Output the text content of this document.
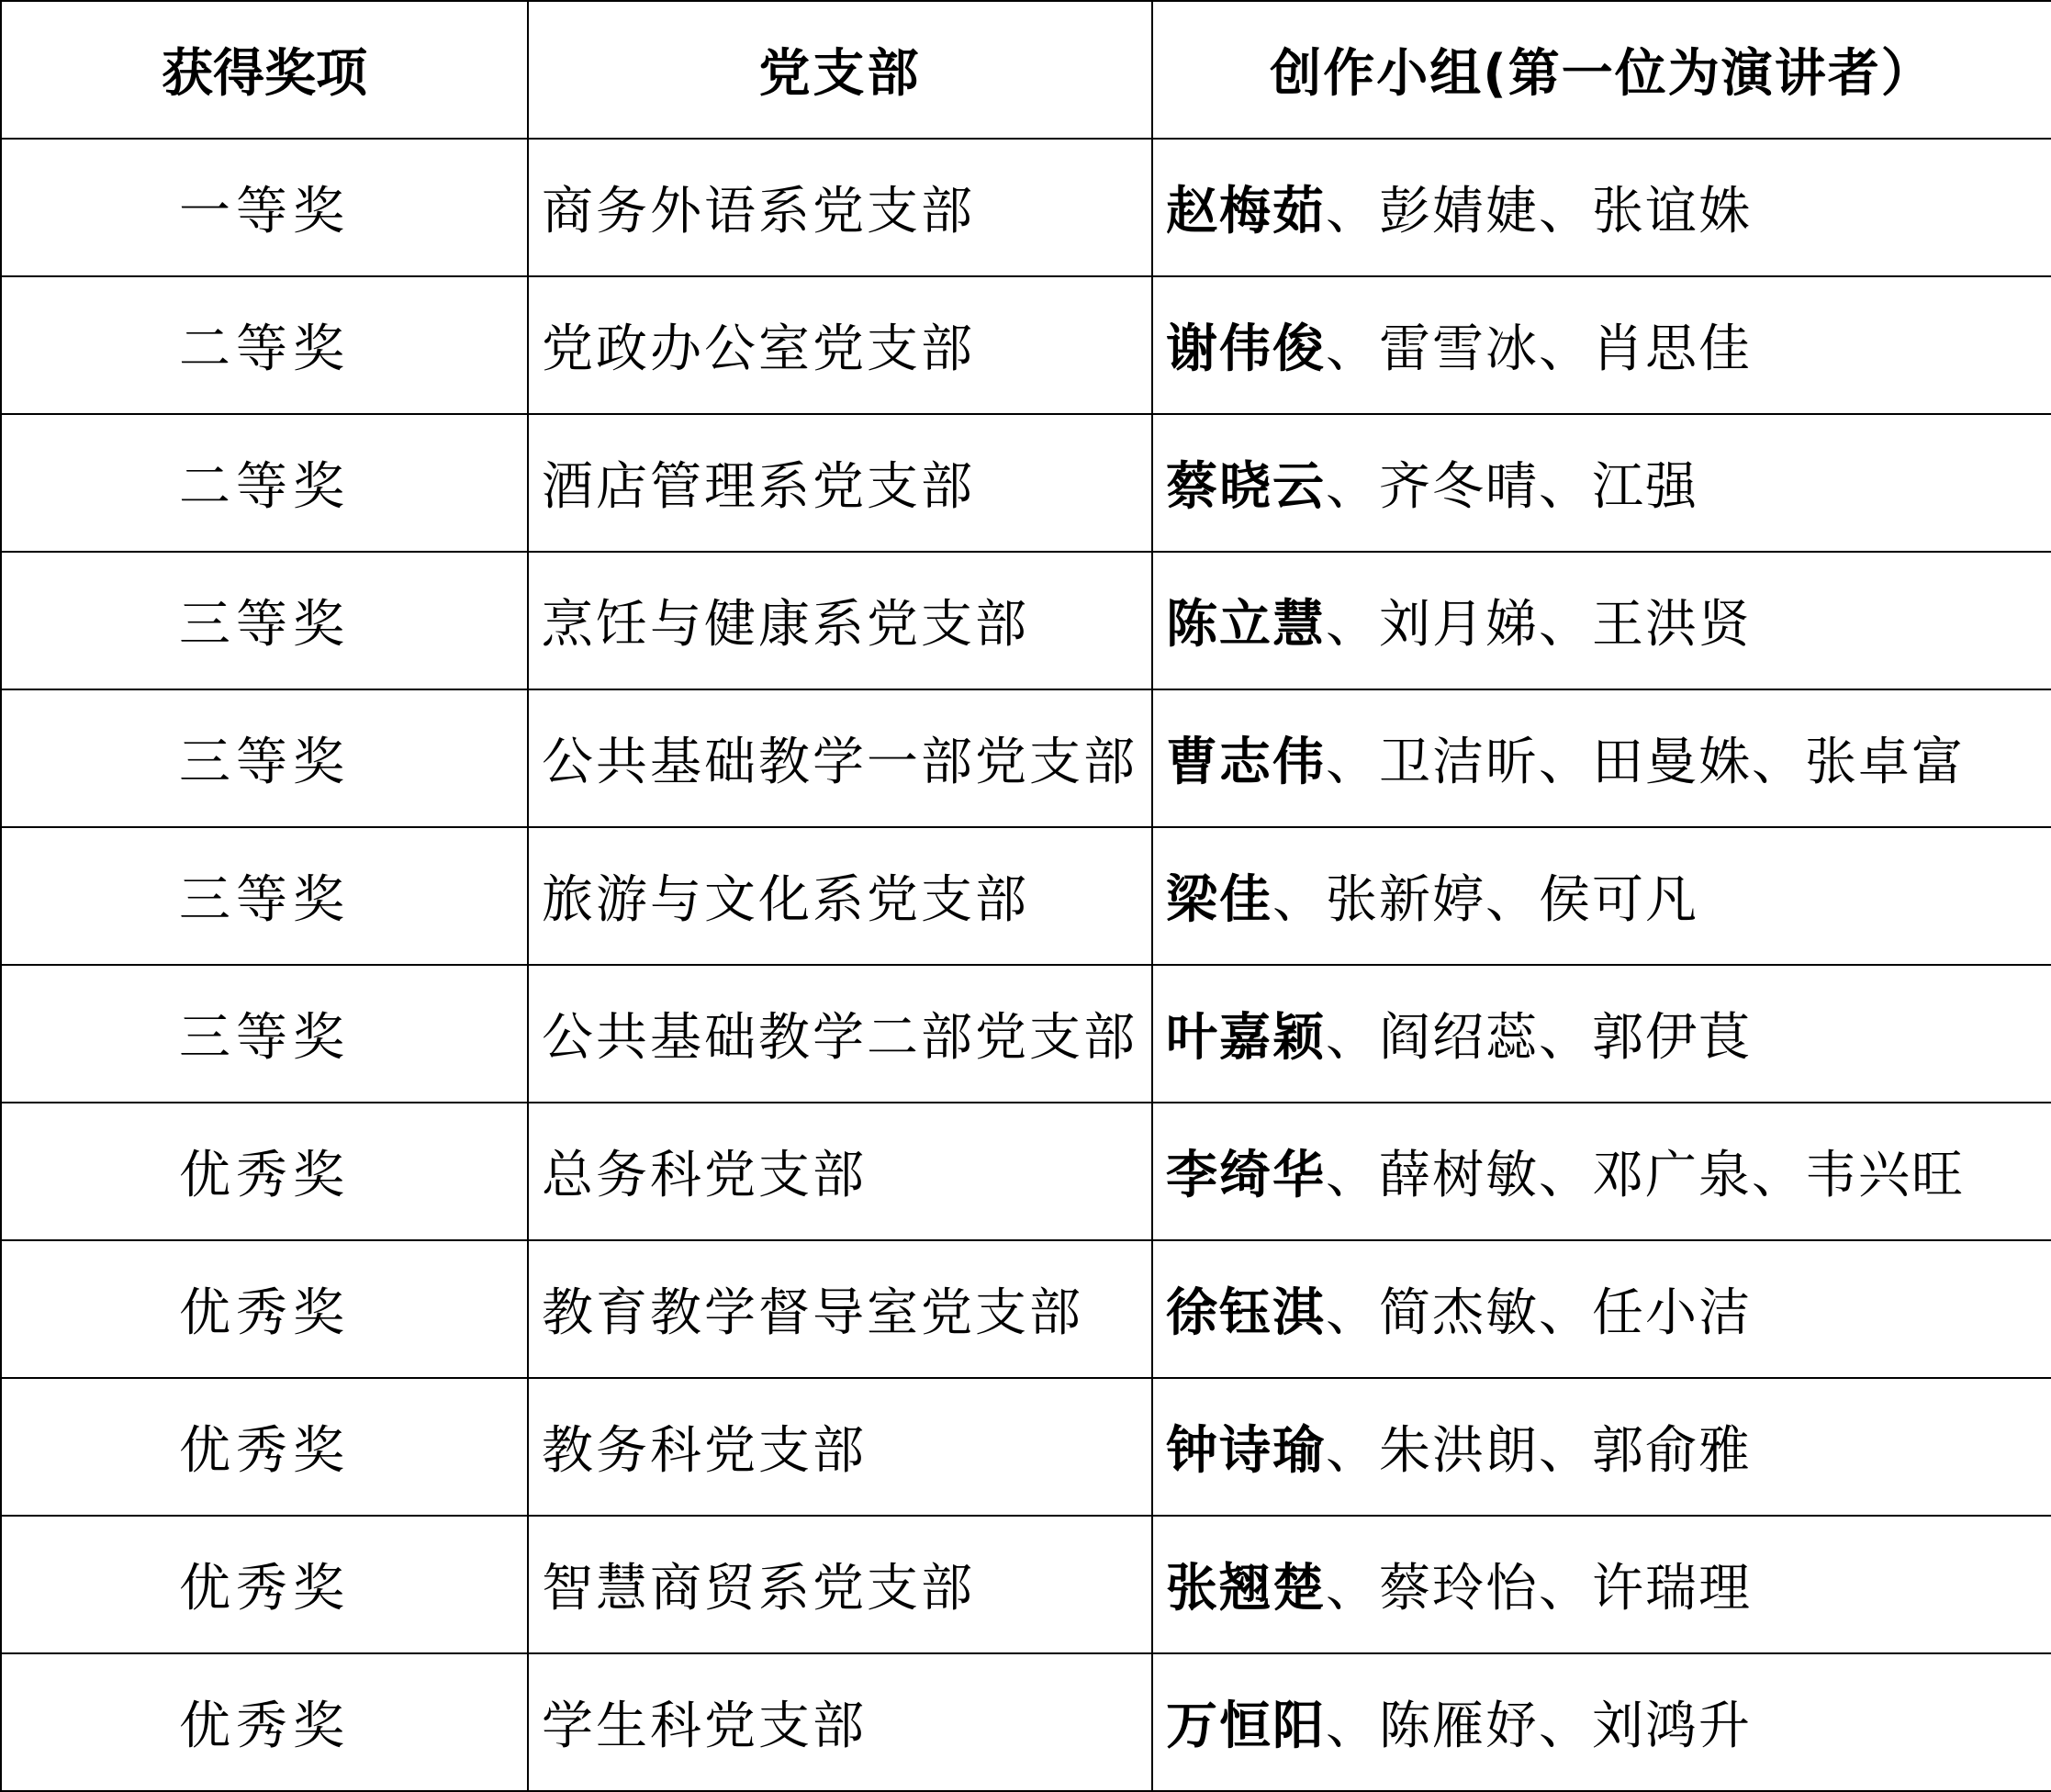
获得奖项	党支部	创作小组(第一位为演讲者）
一等奖	商务外语系党支部	赵梅茹、彭婧婕、张谊姝
二等奖	党政办公室党支部	谢伟俊、雷雪冰、肖思佳
二等奖	酒店管理系党支部	蔡晓云、齐冬晴、江强
三等奖	烹饪与健康系党支部	陈立慧、刘月娣、王洪贤
三等奖	公共基础教学一部党支部	曹志伟、卫洁昕、田曼姝、张卓富
三等奖	旅游与文化系党支部	梁佳、张新婷、侯可凡
三等奖	公共基础教学二部党支部	叶嘉颖、阎绍蕊、郭伊茛
优秀奖	总务科党支部	李绮华、薛树敏、邓广泉、韦兴旺
优秀奖	教育教学督导室党支部	徐钰淇、简杰敏、任小洁
优秀奖	教务科党支部	钟诗瑜、朱洪朗、郭俞雅
优秀奖	智慧商贸系党支部	张翘楚、蔡玲怡、许瑞理
优秀奖	学生科党支部	万恒阳、陈雁妤、刘鸿升
